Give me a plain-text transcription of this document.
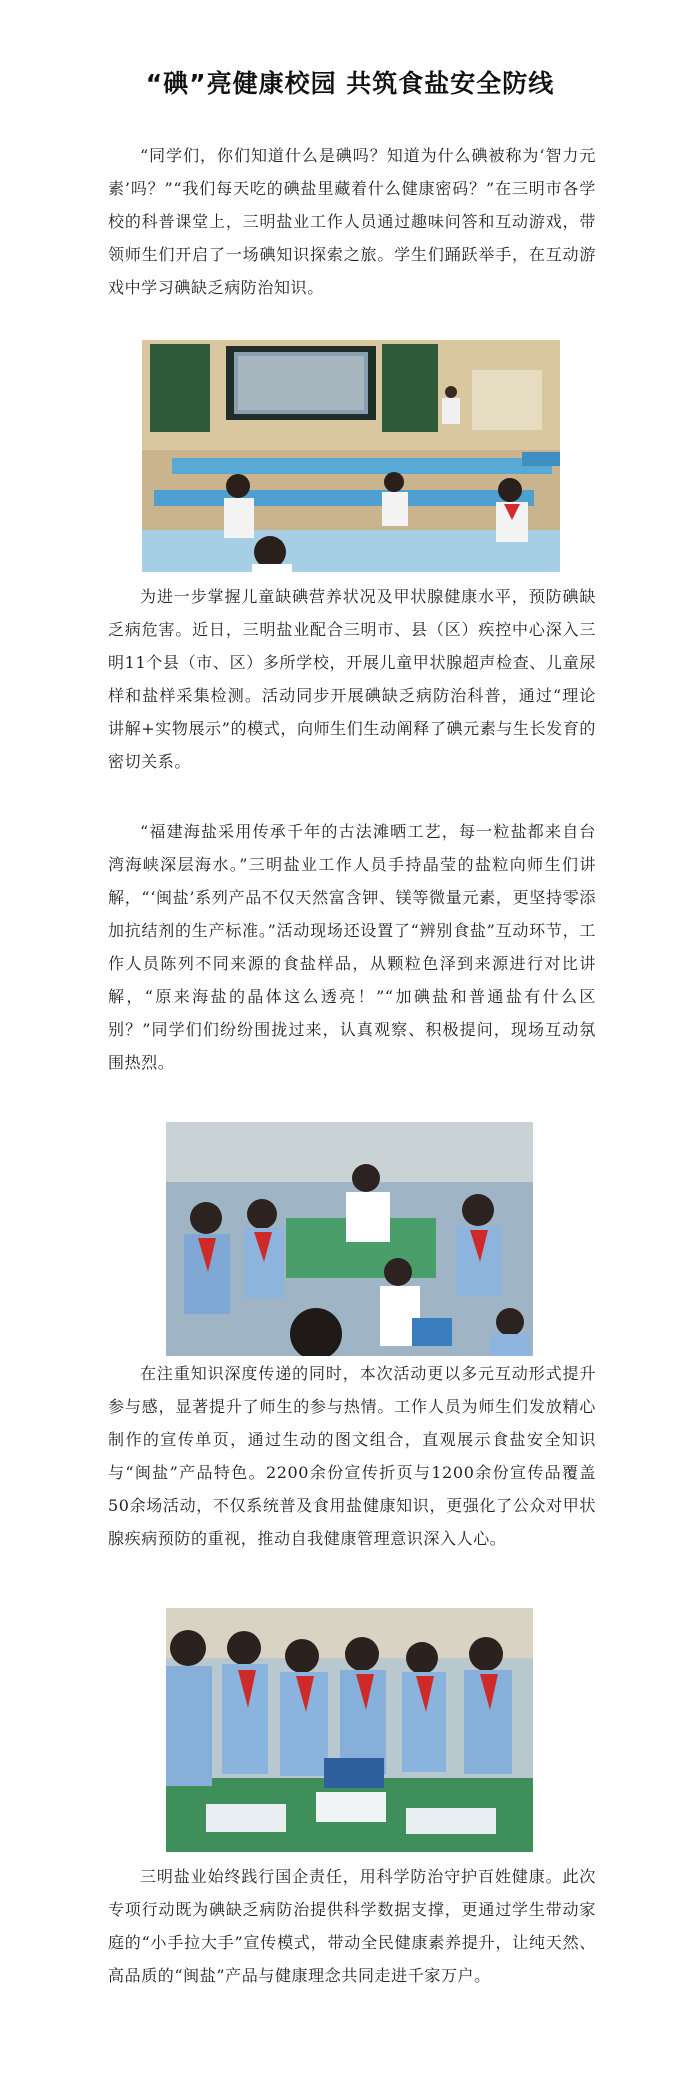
“碘”亮健康校园 共筑食盐安全防线

“同学们，你们知道什么是碘吗？知道为什么碘被称为‘智力元素’吗？”“我们每天吃的碘盐里藏着什么健康密码？”在三明市各学校的科普课堂上，三明盐业工作人员通过趣味问答和互动游戏，带领师生们开启了一场碘知识探索之旅。学生们踊跃举手，在互动游戏中学习碘缺乏病防治知识。

为进一步掌握儿童缺碘营养状况及甲状腺健康水平，预防碘缺乏病危害。近日，三明盐业配合三明市、县（区）疾控中心深入三明11个县（市、区）多所学校，开展儿童甲状腺超声检查、儿童尿样和盐样采集检测。活动同步开展碘缺乏病防治科普，通过“理论讲解+实物展示”的模式，向师生们生动阐释了碘元素与生长发育的密切关系。

“福建海盐采用传承千年的古法滩晒工艺，每一粒盐都来自台湾海峡深层海水。”三明盐业工作人员手持晶莹的盐粒向师生们讲解，“‘闽盐’系列产品不仅天然富含钾、镁等微量元素，更坚持零添加抗结剂的生产标准。”活动现场还设置了“辨别食盐”互动环节，工作人员陈列不同来源的食盐样品，从颗粒色泽到来源进行对比讲解，“原来海盐的晶体这么透亮！”“加碘盐和普通盐有什么区别？”同学们们纷纷围拢过来，认真观察、积极提问，现场互动氛围热烈。

在注重知识深度传递的同时，本次活动更以多元互动形式提升参与感，显著提升了师生的参与热情。工作人员为师生们发放精心制作的宣传单页，通过生动的图文组合，直观展示食盐安全知识与“闽盐”产品特色。2200余份宣传折页与1200余份宣传品覆盖50余场活动，不仅系统普及食用盐健康知识，更强化了公众对甲状腺疾病预防的重视，推动自我健康管理意识深入人心。

三明盐业始终践行国企责任，用科学防治守护百姓健康。此次专项行动既为碘缺乏病防治提供科学数据支撑，更通过学生带动家庭的“小手拉大手”宣传模式，带动全民健康素养提升，让纯天然、高品质的“闽盐”产品与健康理念共同走进千家万户。
